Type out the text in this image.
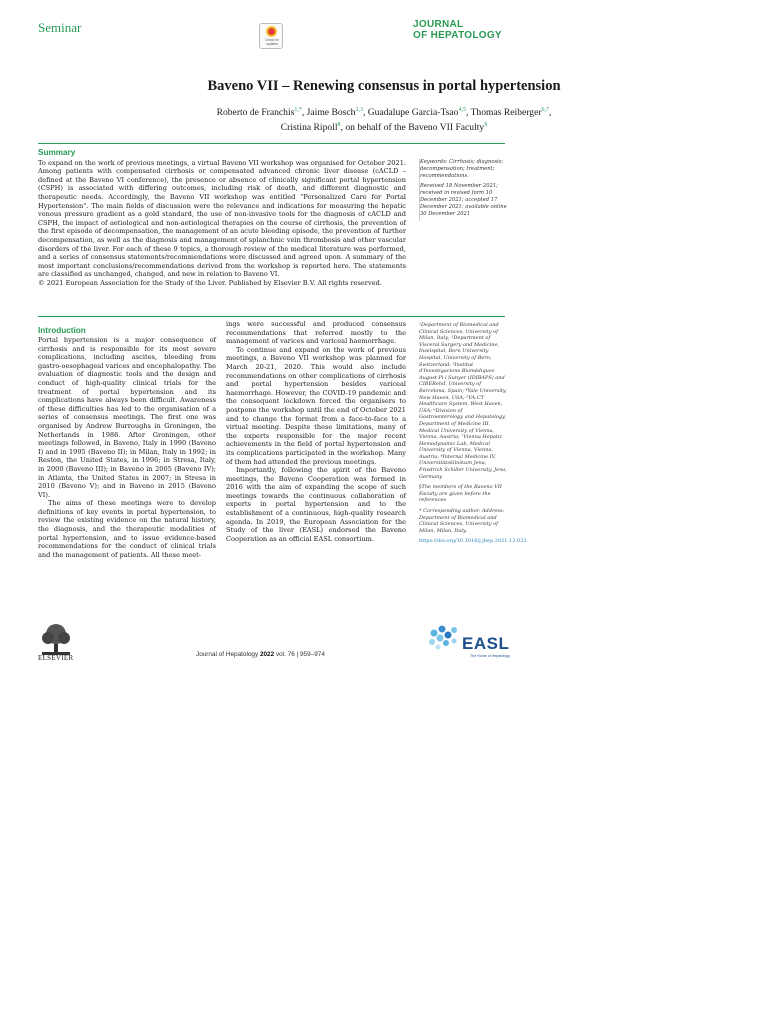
Seminar
Check for updates
JOURNAL
OF HEPATOLOGY
Baveno VII – Renewing consensus in portal hypertension
Roberto de Franchis$^{1,*}$, Jaime Bosch$^{2,3}$, Guadalupe Garcia-Tsao$^{4,5}$, Thomas Reiberger$^{6,7}$,
Cristina Ripoll$^8$, on behalf of the Baveno VII Faculty§
Summary

To expand on the work of previous meetings, a virtual Baveno VII workshop was organised for October 2021. Among patients with compensated cirrhosis or compensated advanced chronic liver disease (cACLD – defined at the Baveno VI conference), the presence or absence of clinically significant portal hypertension (CSPH) is associated with differing outcomes, including risk of death, and different diagnostic and therapeutic needs. Accordingly, the Baveno VII workshop was entitled "Personalized Care for Portal Hypertension". The main fields of discussion were the relevance and indications for measuring the hepatic venous pressure gradient as a gold standard, the use of non-invasive tools for the diagnosis of cACLD and CSPH, the impact of aetiological and non-aetiological therapies on the course of cirrhosis, the prevention of the first episode of decompensation, the management of an acute bleeding episode, the prevention of further decompensation, as well as the diagnosis and management of splanchnic vein thrombosis and other vascular disorders of the liver. For each of these 9 topics, a thorough review of the medical literature was performed, and a series of consensus statements/recommendations were discussed and agreed upon. A summary of the most important conclusions/recommendations derived from the workshop is reported here. The statements are classified as unchanged, changed, and new in relation to Baveno VI.

© 2021 European Association for the Study of the Liver. Published by Elsevier B.V. All rights reserved.

Keywords: Cirrhosis; diagnosis; decompensation; treatment; recommendations.

Received 18 November 2021; received in revised form 10 December 2021; accepted 17 December 2021; available online 30 December 2021

Introduction

Portal hypertension is a major consequence of cirrhosis and is responsible for its most severe complications, including ascites, bleeding from gastro-oesophageal varices and encephalopathy. The evaluation of diagnostic tools and the design and conduct of high-quality clinical trials for the treatment of portal hypertension and its complications have always been difficult. Awareness of these difficulties has led to the organisation of a series of consensus meetings. The first one was organised by Andrew Burroughs in Groningen, the Netherlands in 1986. After Groningen, other meetings followed, in Baveno, Italy in 1990 (Baveno I) and in 1995 (Baveno II); in Milan, Italy in 1992; in Reston, the United States, in 1996; in Stresa, Italy, in 2000 (Baveno III); in Baveno in 2005 (Baveno IV); in Atlanta, the United States in 2007; in Stresa in 2010 (Baveno V); and in Baveno in 2015 (Baveno VI).

The aims of these meetings were to develop definitions of key events in portal hypertension, to review the existing evidence on the natural history, the diagnosis, and the therapeutic modalities of portal hypertension, and to issue evidence-based recommendations for the conduct of clinical trials and the management of patients. All these meet-

ings were successful and produced consensus recommendations that referred mostly to the management of varices and variceal haemorrhage.

To continue and expand on the work of previous meetings, a Baveno VII workshop was planned for March 20-21, 2020. This would also include recommendations on other complications of cirrhosis and portal hypertension besides variceal haemorrhage. However, the COVID-19 pandemic and the consequent lockdown forced the organisers to postpone the workshop until the end of October 2021 and to change the format from a face-to-face to a virtual meeting. Despite these limitations, many of the experts responsible for the major recent achievements in the field of portal hypertension and its complications participated in the workshop. Many of them had attended the previous meetings.

Importantly, following the spirit of the Baveno meetings, the Baveno Cooperation was formed in 2016 with the aim of expanding the scope of such meetings towards the continuous collaboration of experts in portal hypertension and to the establishment of a continuous, high-quality research agenda. In 2019, the European Association for the Study of the liver (EASL) endorsed the Baveno Cooperation as an official EASL consortium.

¹Department of Biomedical and Clinical Sciences, University of Milan, Italy; ²Department of Visceral Surgery and Medicine, Inselspital, Bern University Hospital, University of Bern, Switzerland; ³Institut d'Investigacions Biomèdiques August Pi i Sunyer (IDIBAPS) and CIBERehd, University of Barcelona, Spain; ⁴Yale University, New Haven, USA; ⁵VA-CT Healthcare System, West Haven, USA; ⁶Division of Gastroenterology and Hepatology, Department of Medicine III, Medical University of Vienna, Vienna, Austria; ⁷Vienna Hepatic Hemodynamic Lab, Medical University of Vienna, Vienna, Austria; ⁸Internal Medicine IV, Universitätsklinikum Jena, Friedrich Schiller University, Jena, Germany

§The members of the Baveno VII Faculty are given before the references

* Corresponding author. Address: Department of Biomedical and Clinical Sciences, University of Milan, Milan, Italy.

https://doi.org/10.1016/j.jhep.2021.12.022

ELSEVIER	Journal of Hepatology 2022 vol. 76 | 959–974
EASL
The Home of Hepatology
